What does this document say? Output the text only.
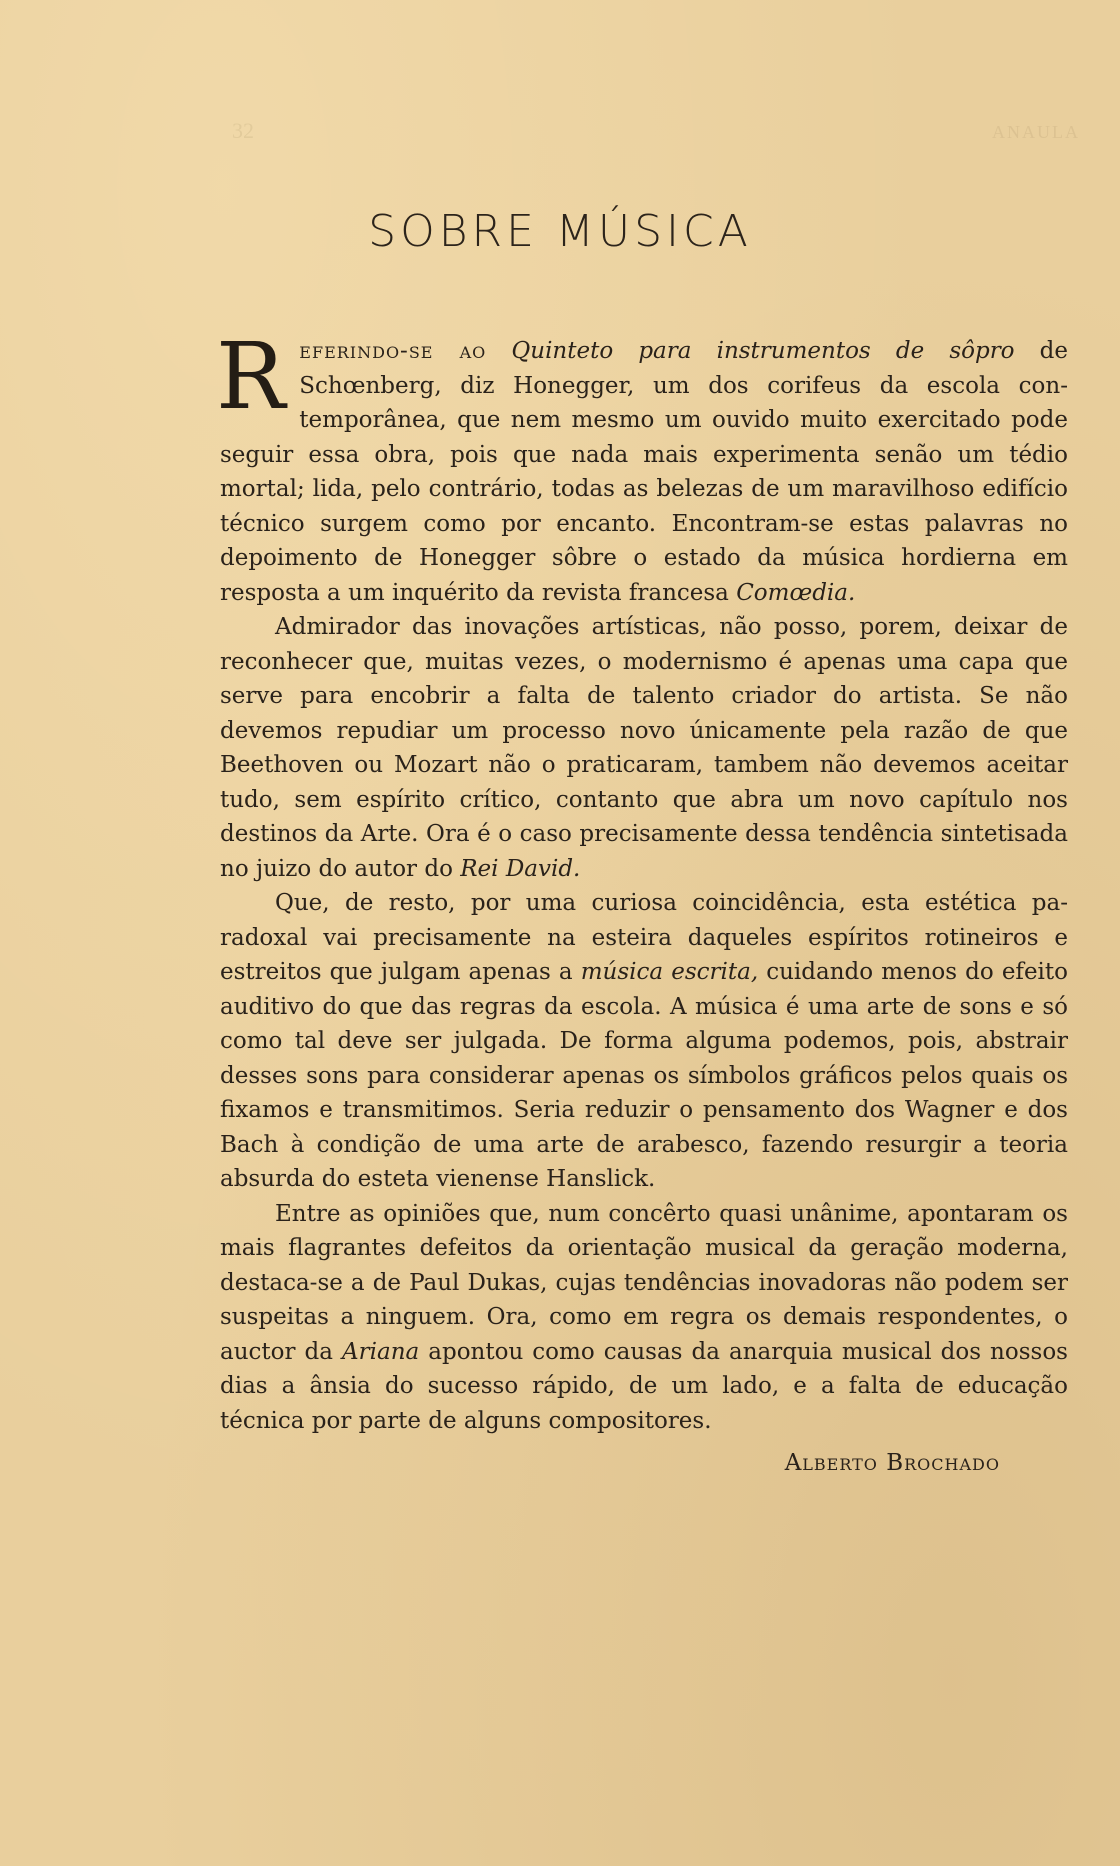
32	ANAULA
SOBRE MÚSICA

Referindo-se ao Quinteto para instrumentos de sôpro de Schœnberg, diz Honegger, um dos corifeus da escola contemporânea, que nem mesmo um ouvido muito exercitado pode seguir essa obra, pois que nada mais experimenta senão um tédio mortal; lida, pelo contrário, todas as belezas de um maravilhoso edifício técnico surgem como por encanto. Encontram-se estas palavras no depoimento de Honegger sôbre o estado da música hordierna em resposta a um inquérito da revista francesa Comœdia.

Admirador das inovações artísticas, não posso, porem, deixar de reconhecer que, muitas vezes, o modernismo é apenas uma capa que serve para encobrir a falta de talento criador do artista. Se não devemos repudiar um processo novo únicamente pela razão de que Beethoven ou Mozart não o praticaram, tambem não devemos aceitar tudo, sem espírito crítico, contanto que abra um novo capítulo nos destinos da Arte. Ora é o caso precisamente dessa tendência sintetisada no juizo do autor do Rei David.

Que, de resto, por uma curiosa coincidência, esta estética paradoxal vai precisamente na esteira daqueles espíritos rotineiros e estreitos que julgam apenas a música escrita, cuidando menos do efeito auditivo do que das regras da escola. A música é uma arte de sons e só como tal deve ser julgada. De forma alguma podemos, pois, abstrair desses sons para considerar apenas os símbolos gráficos pelos quais os fixamos e transmitimos. Seria reduzir o pensamento dos Wagner e dos Bach à condição de uma arte de arabesco, fazendo resurgir a teoria absurda do esteta vienense Hanslick.

Entre as opiniões que, num concêrto quasi unânime, apontaram os mais flagrantes defeitos da orientação musical da geração moderna, destaca-se a de Paul Dukas, cujas tendências inovadoras não podem ser suspeitas a ninguem. Ora, como em regra os demais respondentes, o auctor da Ariana apontou como causas da anarquia musical dos nossos dias a ânsia do sucesso rápido, de um lado, e a falta de educação técnica por parte de alguns compositores.

Alberto Brochado
